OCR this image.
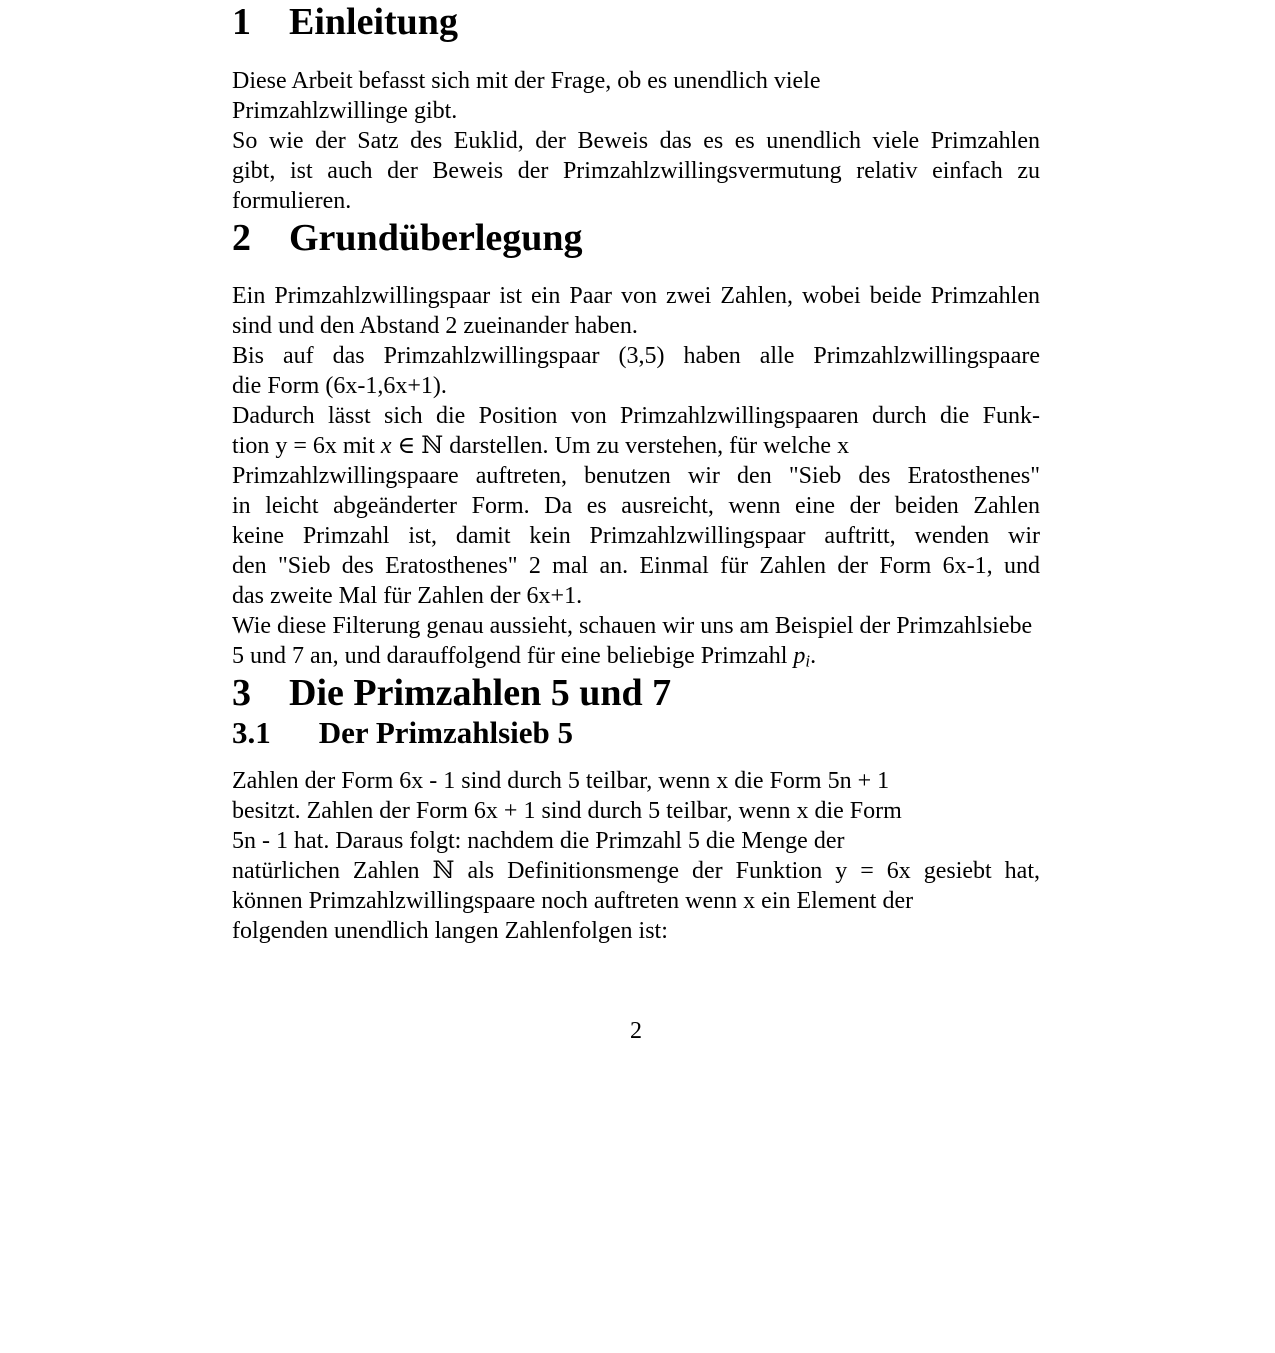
1 Einleitung
Diese Arbeit befasst sich mit der Frage, ob es unendlich viele
Primzahlzwillinge gibt.
So wie der Satz des Euklid, der Beweis das es es unendlich viele Primzahlen
gibt, ist auch der Beweis der Primzahlzwillingsvermutung relativ einfach zu
formulieren.
2 Grundüberlegung
Ein Primzahlzwillingspaar ist ein Paar von zwei Zahlen, wobei beide Primzahlen
sind und den Abstand 2 zueinander haben.
Bis auf das Primzahlzwillingspaar (3,5) haben alle Primzahlzwillingspaare
die Form (6x-1,6x+1).
Dadurch lässt sich die Position von Primzahlzwillingspaaren durch die Funk-
tion y = 6x mit x ∈ ℕ darstellen. Um zu verstehen, für welche x
Primzahlzwillingspaare auftreten, benutzen wir den "Sieb des Eratosthenes"
in leicht abgeänderter Form. Da es ausreicht, wenn eine der beiden Zahlen
keine Primzahl ist, damit kein Primzahlzwillingspaar auftritt, wenden wir
den "Sieb des Eratosthenes" 2 mal an. Einmal für Zahlen der Form 6x-1, und
das zweite Mal für Zahlen der 6x+1.
Wie diese Filterung genau aussieht, schauen wir uns am Beispiel der Primzahlsiebe
5 und 7 an, und darauffolgend für eine beliebige Primzahl $p_i$.
3 Die Primzahlen 5 und 7
3.1 Der Primzahlsieb 5
Zahlen der Form 6x - 1 sind durch 5 teilbar, wenn x die Form 5n + 1
besitzt. Zahlen der Form 6x + 1 sind durch 5 teilbar, wenn x die Form
5n - 1 hat. Daraus folgt: nachdem die Primzahl 5 die Menge der
natürlichen Zahlen ℕ als Definitionsmenge der Funktion y = 6x gesiebt hat,
können Primzahlzwillingspaare noch auftreten wenn x ein Element der
folgenden unendlich langen Zahlenfolgen ist:
2
